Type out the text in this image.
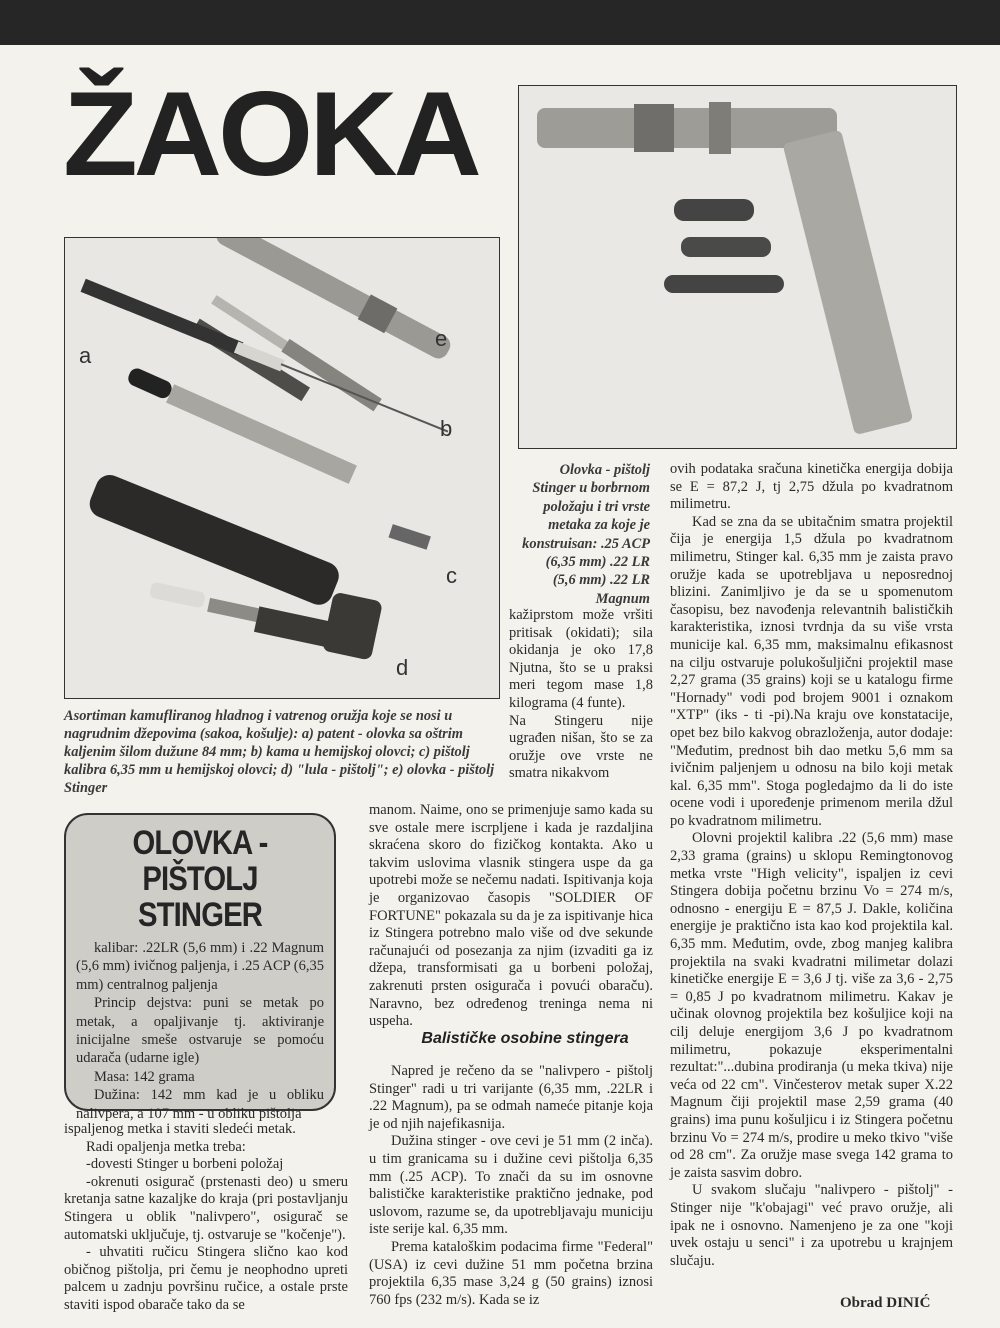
ŽAOKA
a
b
c
d
e
Asortiman kamufliranog hladnog i vatrenog oružja koje se nosi u nagrudnim džepovima (sakoa, košulje): a) patent - olovka sa oštrim kaljenim šilom dužune 84 mm; b) kama u hemijskoj olovci; c) pištolj kalibra 6,35 mm u hemijskoj olovci; d) "lula - pištolj"; e) olovka - pištolj Stinger
Olovka - pištolj
Stinger u borbrnom
položaju i tri vrste
metaka za koje je
konstruisan: .25 ACP
(6,35 mm) .22 LR
(5,6 mm) .22 LR
Magnum
OLOVKA - PIŠTOLJ
STINGER

kalibar: .22LR (5,6 mm) i .22 Magnum (5,6 mm) ivičnog paljenja, i .25 ACP (6,35 mm) centralnog paljenja

Princip dejstva: puni se metak po metak, a opaljivanje tj. aktiviranje inicijalne smeše ostvaruje se pomoću udarača (udarne igle)

Masa: 142 grama

Dužina: 142 mm kad je u obliku nalivpera, a 107 mm - u obliku pištolja

ispaljenog metka i staviti sledeći metak.

Radi opaljenja metka treba:

-dovesti Stinger u borbeni položaj

-okrenuti osigurač (prstenasti deo) u smeru kretanja satne kazaljke do kraja (pri postavljanju Stingera u oblik "nalivpero", osigurač se automatski uključuje, tj. ostvaruje se "kočenje").

- uhvatiti ručicu Stingera slično kao kod običnog pištolja, pri čemu je neophodno upreti palcem u zadnju površinu ručice, a ostale prste staviti ispod obarače tako da se

kažiprstom može vršiti pritisak (okidati); sila okidanja je oko 17,8 Njutna, što se u praksi meri tegom mase 1,8 kilograma (4 funte).

Na Stingeru nije ugrađen nišan, što se za oružje ove vrste ne smatra nikakvom

manom. Naime, ono se primenjuje samo kada su sve ostale mere iscrpljene i kada je razdaljina skraćena skoro do fizičkog kontakta. Ako u takvim uslovima vlasnik stingera uspe da ga upotrebi može se nečemu nadati. Ispitivanja koja je organizovao časopis "SOLDIER OF FORTUNE" pokazala su da je za ispitivanje hica iz Stingera potrebno malo više od dve sekunde računajući od posezanja za njim (izvaditi ga iz džepa, transformisati ga u borbeni položaj, zakrenuti prsten osigurača i povući obaraču). Naravno, bez određenog treninga nema ni uspeha.

Balističke osobine stingera

Napred je rečeno da se "nalivpero - pištolj Stinger" radi u tri varijante (6,35 mm, .22LR i .22 Magnum), pa se odmah nameće pitanje koja je od njih najefikasnija.

Dužina stinger - ove cevi je 51 mm (2 inča). u tim granicama su i dužine cevi pištolja 6,35 mm (.25 ACP). To znači da su im osnovne balističke karakteristike praktično jednake, pod uslovom, razume se, da upotrebljavaju municiju iste serije kal. 6,35 mm.

Prema kataloškim podacima firme "Federal" (USA) iz cevi dužine 51 mm početna brzina projektila 6,35 mase 3,24 g (50 grains) iznosi 760 fps (232 m/s). Kada se iz

ovih podataka sračuna kinetička energija dobija se E = 87,2 J, tj 2,75 džula po kvadratnom milimetru.

Kad se zna da se ubitačnim smatra projektil čija je energija 1,5 džula po kvadratnom milimetru, Stinger kal. 6,35 mm je zaista pravo oružje kada se upotrebljava u neposrednoj blizini. Zanimljivo je da se u spomenutom časopisu, bez navođenja relevantnih balističkih karakteristika, iznosi tvrdnja da su više vrsta municije kal. 6,35 mm, maksimalnu efikasnost na cilju ostvaruje polukošuljični projektil mase 2,27 grama (35 grains) koji se u katalogu firme "Hornady" vodi pod brojem 9001 i oznakom "XTP" (iks - ti -pi).Na kraju ove konstatacije, opet bez bilo kakvog obrazloženja, autor dodaje: "Međutim, prednost bih dao metku 5,6 mm sa ivičnim paljenjem u odnosu na bilo koji metak kal. 6,35 mm". Stoga pogledajmo da li do iste ocene vodi i upoređenje primenom merila džul po kvadratnom milimetru.

Olovni projektil kalibra .22 (5,6 mm) mase 2,33 grama (grains) u sklopu Remingtonovog metka vrste "High velicity", ispaljen iz cevi Stingera dobija početnu brzinu Vo = 274 m/s, odnosno - energiju E = 87,5 J. Dakle, količina energije je praktično ista kao kod projektila kal. 6,35 mm. Međutim, ovde, zbog manjeg kalibra projektila na svaki kvadratni milimetar dolazi kinetičke energije E = 3,6 J tj. više za 3,6 - 2,75 = 0,85 J po kvadratnom milimetru. Kakav je učinak olovnog projektila bez košuljice koji na cilj deluje energijom 3,6 J po kvadratnom milimetru, pokazuje eksperimentalni rezultat:"...dubina prodiranja (u meka tkiva) nije veća od 22 cm". Vinčesterov metak super X.22 Magnum čiji projektil mase 2,59 grama (40 grains) ima punu košuljicu i iz Stingera početnu brzinu Vo = 274 m/s, prodire u meko tkivo "više od 28 cm". Za oružje mase svega 142 grama to je zaista sasvim dobro.

U svakom slučaju "nalivpero - pištolj" - Stinger nije "k'obajagi" već pravo oružje, ali ipak ne i osnovno. Namenjeno je za one "koji uvek ostaju u senci" i za upotrebu u krajnjem slučaju.

Obrad DINIĆ
